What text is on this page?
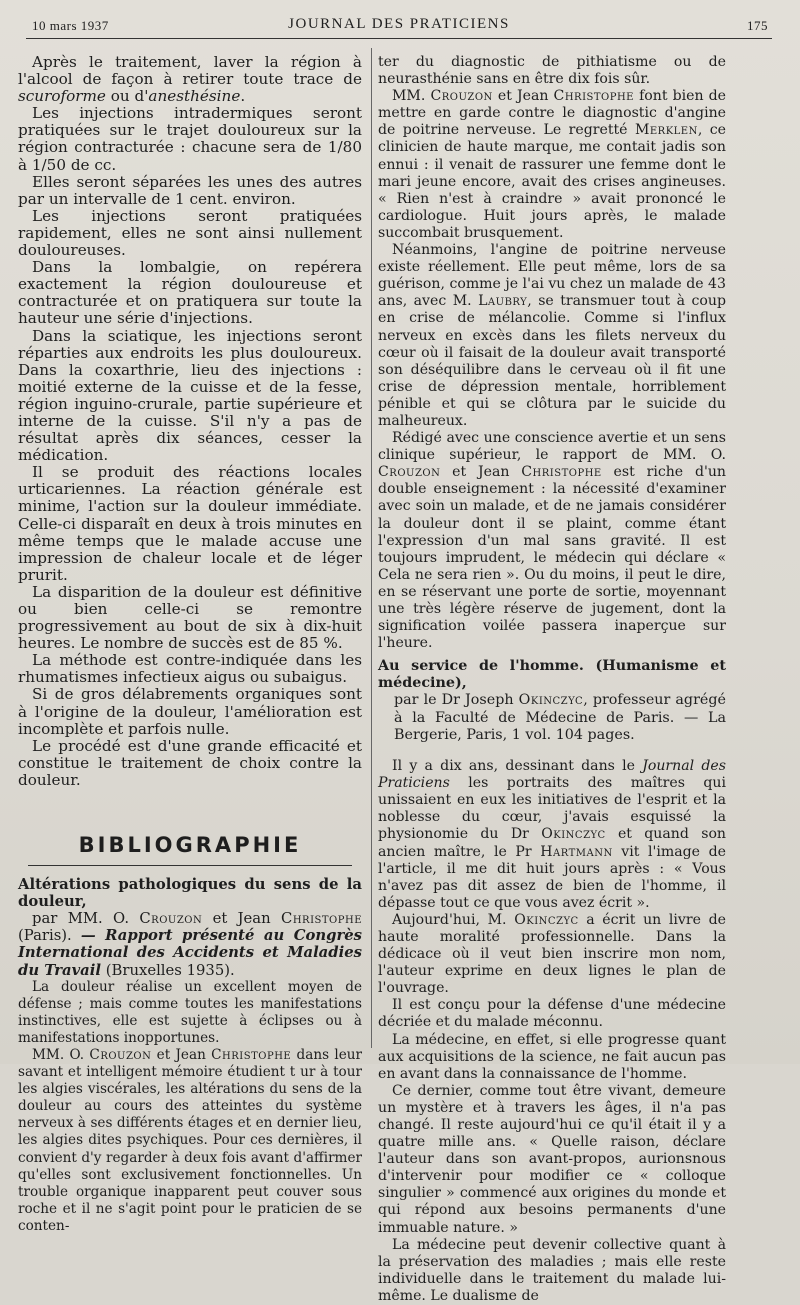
10 mars 1937	JOURNAL DES PRATICIENS	175

Après le traitement, laver la région à l'alcool de façon à retirer toute trace de scuroforme ou d'anesthésine.

Les injections intradermiques seront pratiquées sur le trajet douloureux sur la région contracturée : chacune sera de 1/80 à 1/50 de cc.

Elles seront séparées les unes des autres par un intervalle de 1 cent. environ.

Les injections seront pratiquées rapidement, elles ne sont ainsi nullement douloureuses.

Dans la lombalgie, on repérera exactement la région douloureuse et contracturée et on pratiquera sur toute la hauteur une série d'injections.

Dans la sciatique, les injections seront réparties aux endroits les plus douloureux. Dans la coxarthrie, lieu des injections : moitié externe de la cuisse et de la fesse, région inguino-crurale, partie supérieure et interne de la cuisse. S'il n'y a pas de résultat après dix séances, cesser la médication.

Il se produit des réactions locales urticariennes. La réaction générale est minime, l'action sur la douleur immédiate. Celle-ci disparaît en deux à trois minutes en même temps que le malade accuse une impression de chaleur locale et de léger prurit.

La disparition de la douleur est définitive ou bien celle-ci se remontre progressivement au bout de six à dix-huit heures. Le nombre de succès est de 85 %.

La méthode est contre-indiquée dans les rhumatismes infectieux aigus ou subaigus.

Si de gros délabrements organiques sont à l'origine de la douleur, l'amélioration est incomplète et parfois nulle.

Le procédé est d'une grande efficacité et constitue le traitement de choix contre la douleur.

BIBLIOGRAPHIE

Altérations pathologiques du sens de la douleur,
par MM. O. Crouzon et Jean Christophe (Paris). — Rapport présenté au Congrès International des Accidents et Maladies du Travail (Bruxelles 1935).

La douleur réalise un excellent moyen de défense ; mais comme toutes les manifestations instinctives, elle est sujette à éclipses ou à manifestations inopportunes.

MM. O. Crouzon et Jean Christophe dans leur savant et intelligent mémoire étudient t ur à tour les algies viscérales, les altérations du sens de la douleur au cours des atteintes du système nerveux à ses différents étages et en dernier lieu, les algies dites psychiques. Pour ces dernières, il convient d'y regarder à deux fois avant d'affirmer qu'elles sont exclusivement fonctionnelles. Un trouble organique inapparent peut couver sous roche et il ne s'agit point pour le praticien de se conten-

ter du diagnostic de pithiatisme ou de neurasthénie sans en être dix fois sûr.

MM. Crouzon et Jean Christophe font bien de mettre en garde contre le diagnostic d'angine de poitrine nerveuse. Le regretté Merklen, ce clinicien de haute marque, me contait jadis son ennui : il venait de rassurer une femme dont le mari jeune encore, avait des crises angineuses. « Rien n'est à craindre » avait prononcé le cardiologue. Huit jours après, le malade succombait brusquement.

Néanmoins, l'angine de poitrine nerveuse existe réellement. Elle peut même, lors de sa guérison, comme je l'ai vu chez un malade de 43 ans, avec M. Laubry, se transmuer tout à coup en crise de mélancolie. Comme si l'influx nerveux en excès dans les filets nerveux du cœur où il faisait de la douleur avait transporté son déséquilibre dans le cerveau où il fit une crise de dépression mentale, horriblement pénible et qui se clôtura par le suicide du malheureux.

Rédigé avec une conscience avertie et un sens clinique supérieur, le rapport de MM. O. Crouzon et Jean Christophe est riche d'un double enseignement : la nécessité d'examiner avec soin un malade, et de ne jamais considérer la douleur dont il se plaint, comme étant l'expression d'un mal sans gravité. Il est toujours imprudent, le médecin qui déclare « Cela ne sera rien ». Ou du moins, il peut le dire, en se réservant une porte de sortie, moyennant une très légère réserve de jugement, dont la signification voilée passera inaperçue sur l'heure.

Au service de l'homme. (Humanisme et médecine),
par le Dr Joseph Okinczyc, professeur agrégé à la Faculté de Médecine de Paris. — La Bergerie, Paris, 1 vol. 104 pages.

Il y a dix ans, dessinant dans le Journal des Praticiens les portraits des maîtres qui unissaient en eux les initiatives de l'esprit et la noblesse du cœur, j'avais esquissé la physionomie du Dr Okinczyc et quand son ancien maître, le Pr Hartmann vit l'image de l'article, il me dit huit jours après : « Vous n'avez pas dit assez de bien de l'homme, il dépasse tout ce que vous avez écrit ».

Aujourd'hui, M. Okinczyc a écrit un livre de haute moralité professionnelle. Dans la dédicace où il veut bien inscrire mon nom, l'auteur exprime en deux lignes le plan de l'ouvrage.

Il est conçu pour la défense d'une médecine décriée et du malade méconnu.

La médecine, en effet, si elle progresse quant aux acquisitions de la science, ne fait aucun pas en avant dans la connaissance de l'homme.

Ce dernier, comme tout être vivant, demeure un mystère et à travers les âges, il n'a pas changé. Il reste aujourd'hui ce qu'il était il y a quatre mille ans. « Quelle raison, déclare l'auteur dans son avant-propos, aurionsnous d'intervenir pour modifier ce « colloque singulier » commencé aux origines du monde et qui répond aux besoins permanents d'une immuable nature. »

La médecine peut devenir collective quant à la préservation des maladies ; mais elle reste individuelle dans le traitement du malade lui-même. Le dualisme de
